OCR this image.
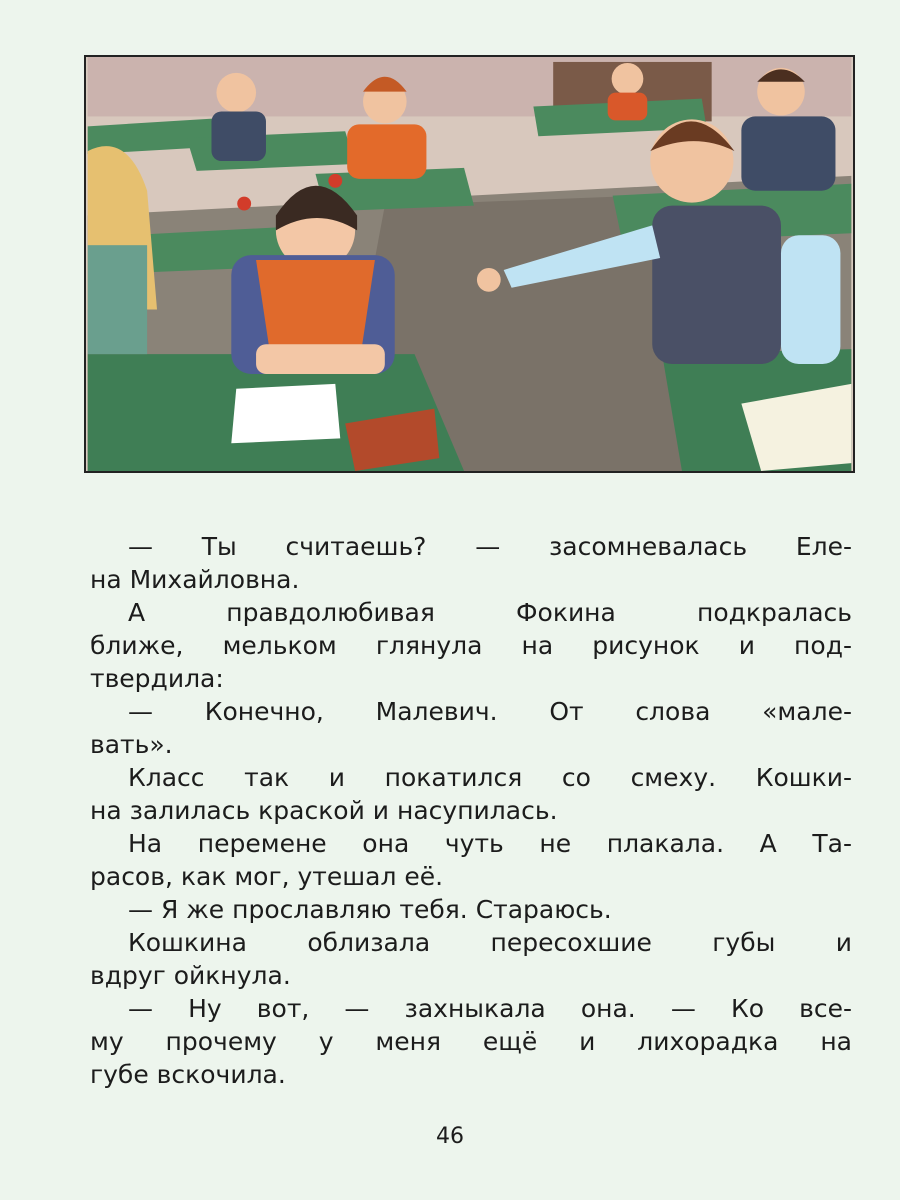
— Ты считаешь? — засомневалась Еле-
на Михайловна.
А правдолюбивая Фокина подкралась
ближе, мельком глянула на рисунок и под-
твердила:
— Конечно, Малевич. От слова «малe-
вать».
Класс так и покатился со смеху. Кошки-
на залилась краской и насупилась.
На перемене она чуть не плакала. А Та-
расов, как мог, утешал её.
— Я же прославляю тебя. Стараюсь.
Кошкина облизала пересохшие губы и
вдруг ойкнула.
— Ну вот, — захныкала она. — Ко все-
му прочему у меня ещё и лихорадка на
губе вскочила.
46
